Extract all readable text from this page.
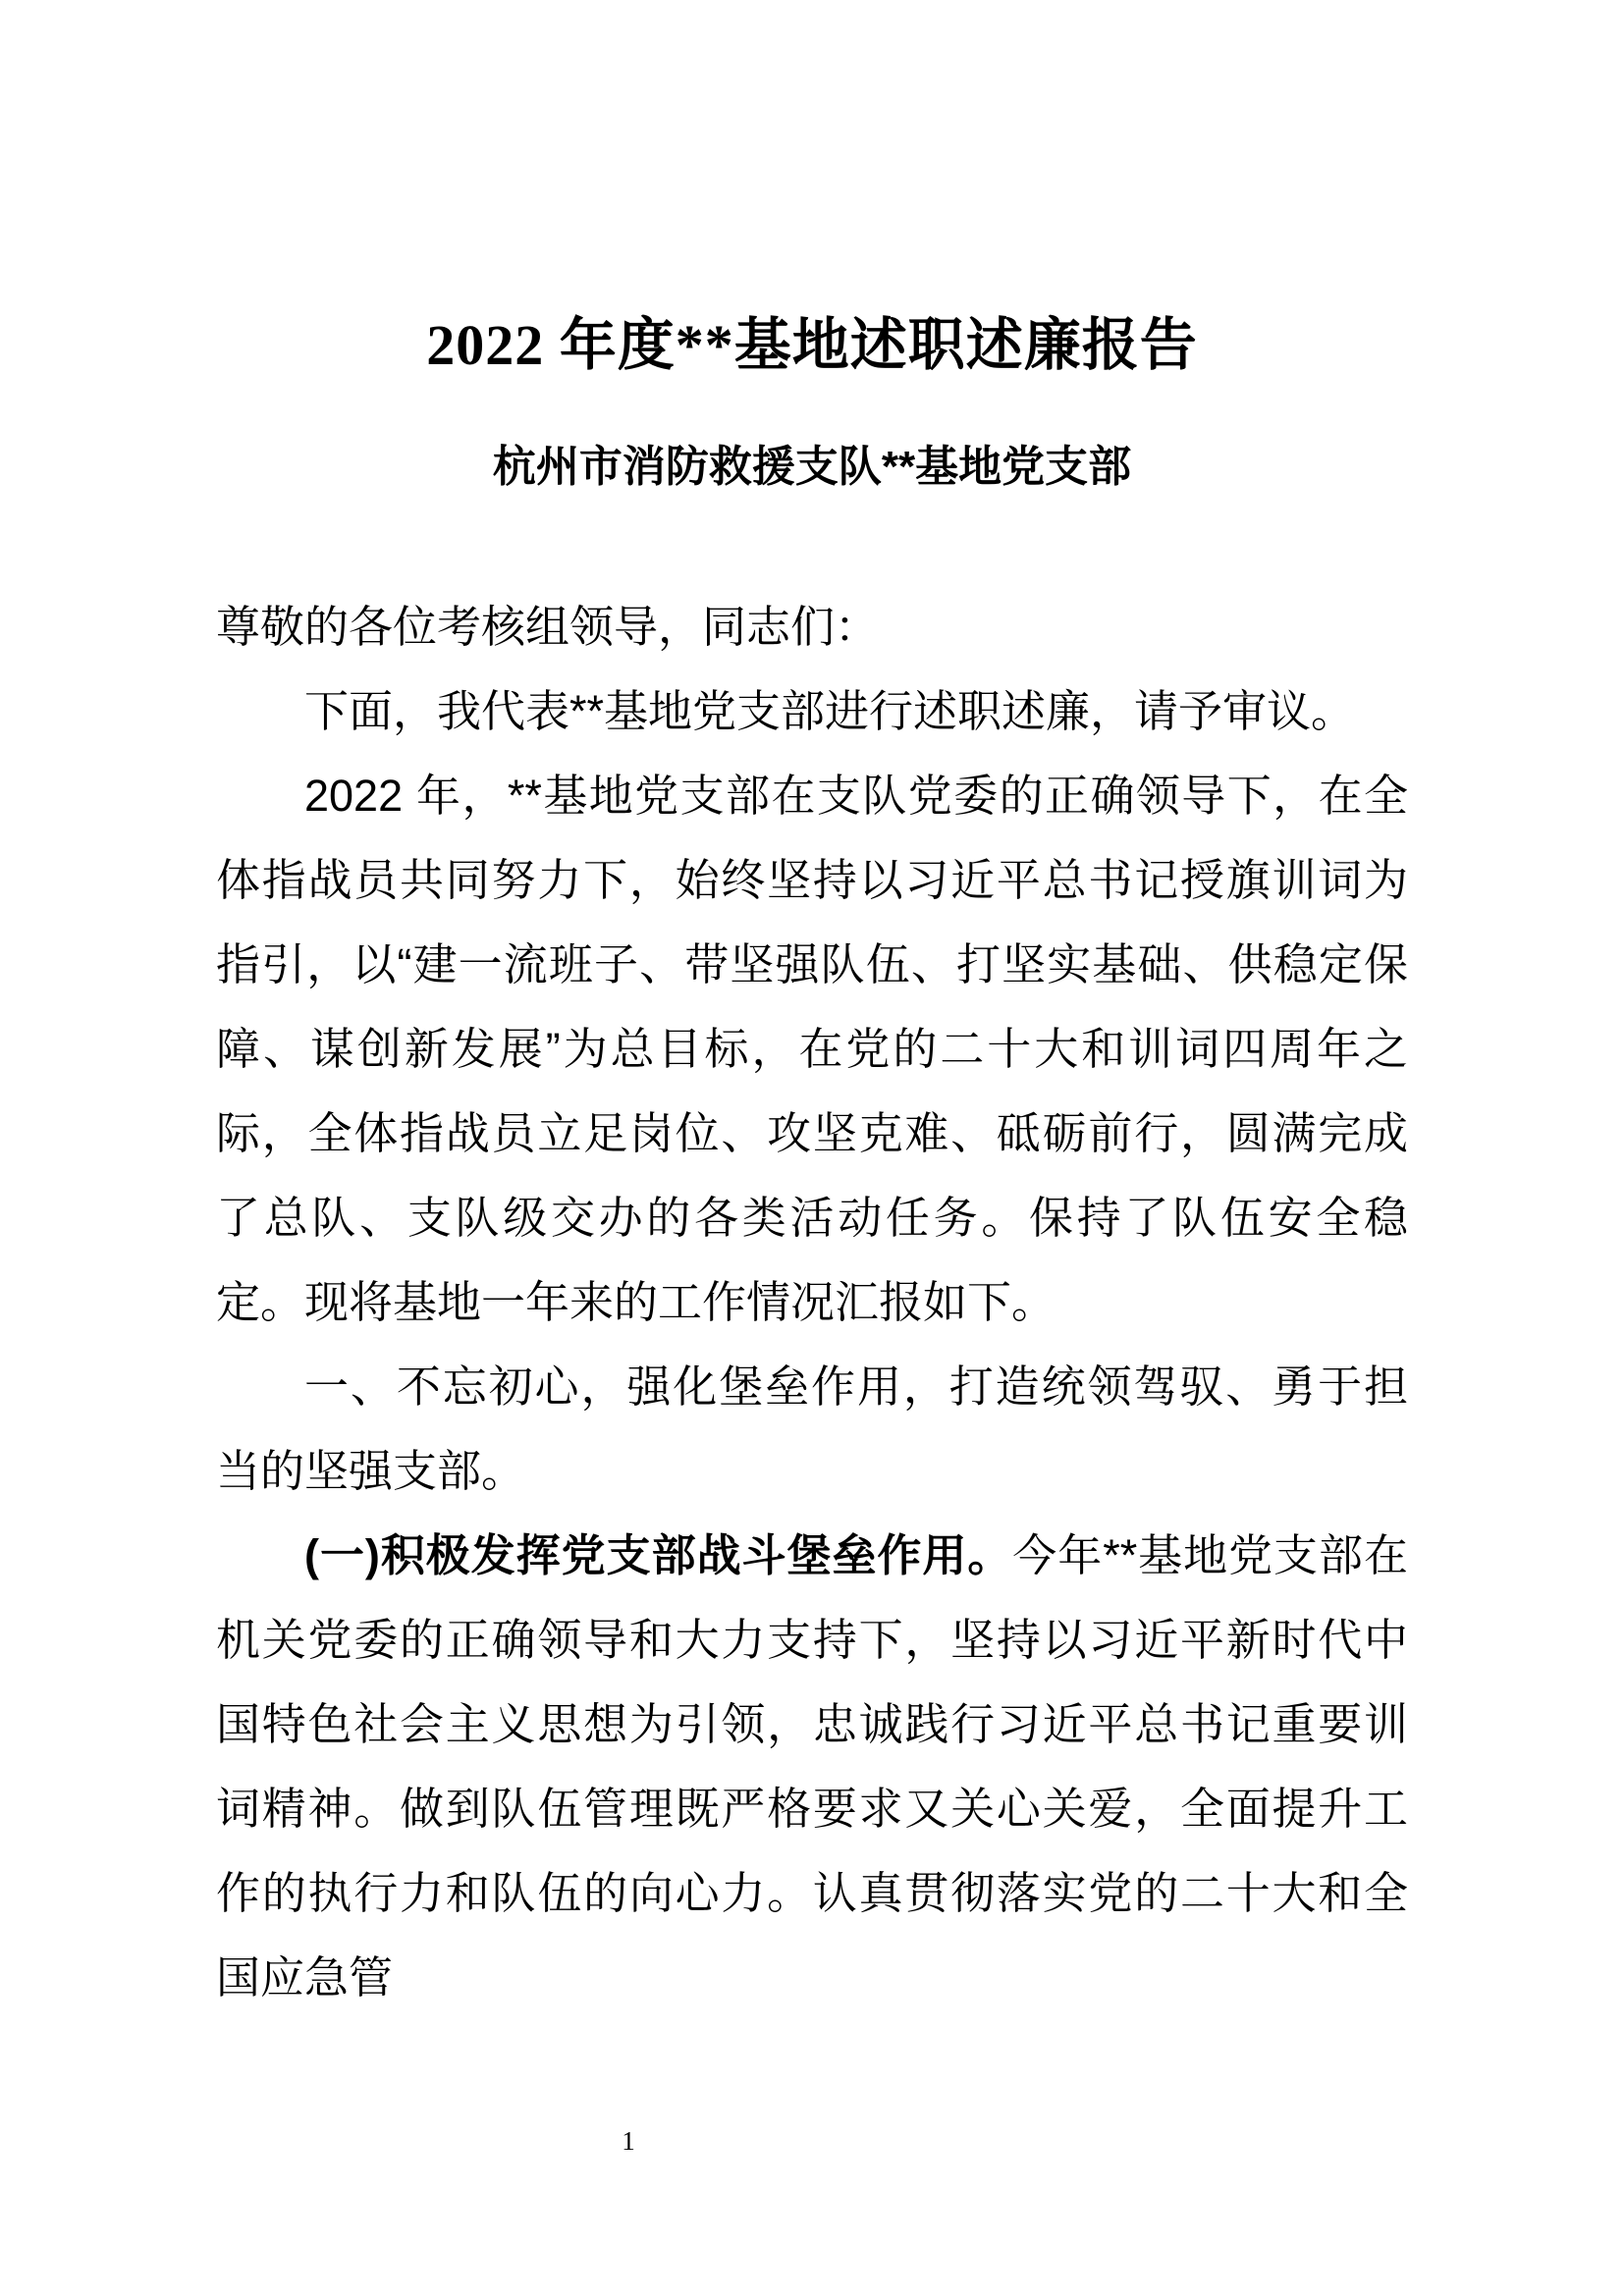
2022 年度**基地述职述廉报告
杭州市消防救援支队**基地党支部

尊敬的各位考核组领导，同志们：

下面，我代表**基地党支部进行述职述廉，请予审议。

2022 年，**基地党支部在支队党委的正确领导下，在全体指战员共同努力下，始终坚持以习近平总书记授旗训词为指引，以“建一流班子、带坚强队伍、打坚实基础、供稳定保障、谋创新发展”为总目标，在党的二十大和训词四周年之际，全体指战员立足岗位、攻坚克难、砥砺前行，圆满完成了总队、支队级交办的各类活动任务。保持了队伍安全稳定。现将基地一年来的工作情况汇报如下。

一、不忘初心，强化堡垒作用，打造统领驾驭、勇于担当的坚强支部。

(一)积极发挥党支部战斗堡垒作用。今年**基地党支部在机关党委的正确领导和大力支持下，坚持以习近平新时代中国特色社会主义思想为引领，忠诚践行习近平总书记重要训词精神。做到队伍管理既严格要求又关心关爱，全面提升工作的执行力和队伍的向心力。认真贯彻落实党的二十大和全国应急管

1
